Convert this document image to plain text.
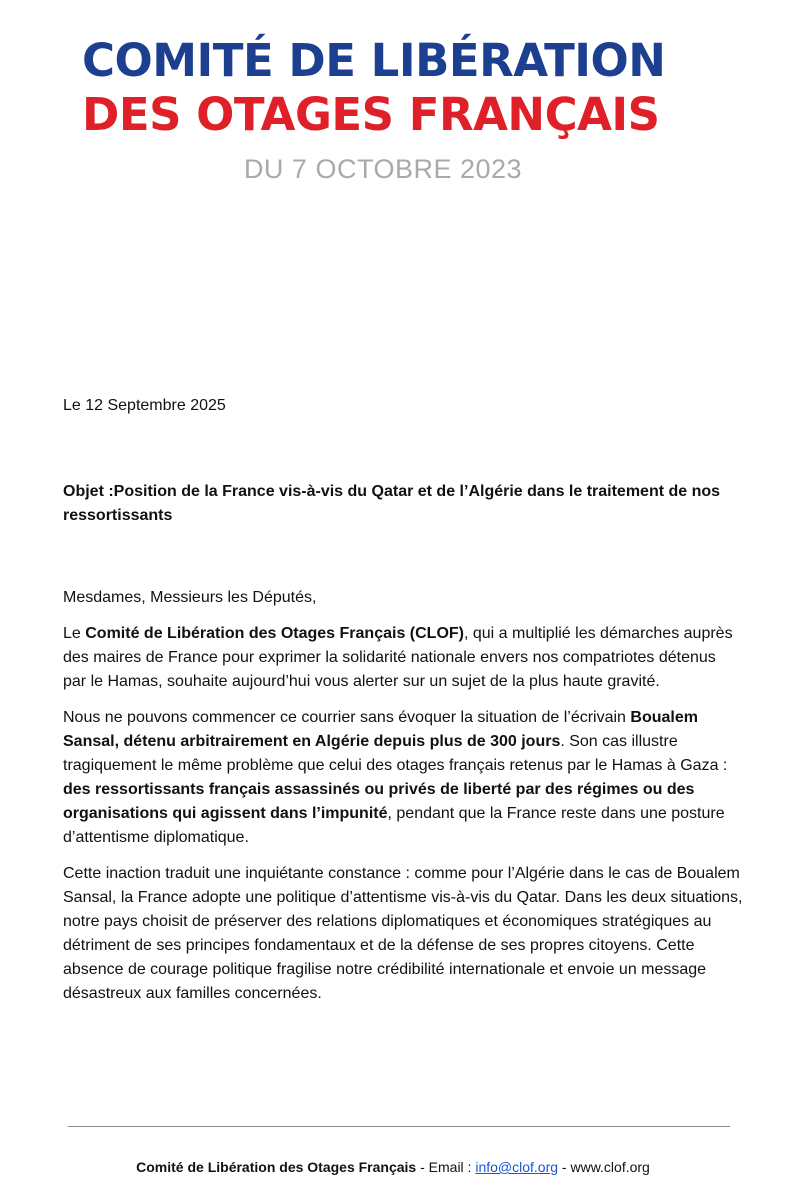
COMITÉ DE LIBÉRATION
DES OTAGES FRANÇAIS
DU 7 OCTOBRE 2023
Le 12 Septembre 2025
Objet :Position de la France vis-à-vis du Qatar et de l’Algérie dans le traitement de nos ressortissants

Mesdames, Messieurs les Députés,

Le Comité de Libération des Otages Français (CLOF), qui a multiplié les démarches auprès des maires de France pour exprimer la solidarité nationale envers nos compatriotes détenus par le Hamas, souhaite aujourd’hui vous alerter sur un sujet de la plus haute gravité.

Nous ne pouvons commencer ce courrier sans évoquer la situation de l’écrivain Boualem Sansal, détenu arbitrairement en Algérie depuis plus de 300 jours. Son cas illustre tragiquement le même problème que celui des otages français retenus par le Hamas à Gaza : des ressortissants français assassinés ou privés de liberté par des régimes ou des organisations qui agissent dans l’impunité, pendant que la France reste dans une posture d’attentisme diplomatique.

Cette inaction traduit une inquiétante constance : comme pour l’Algérie dans le cas de Boualem Sansal, la France adopte une politique d’attentisme vis-à-vis du Qatar. Dans les deux situations, notre pays choisit de préserver des relations diplomatiques et économiques stratégiques au détriment de ses principes fondamentaux et de la défense de ses propres citoyens. Cette absence de courage politique fragilise notre crédibilité internationale et envoie un message désastreux aux familles concernées.

Comité de Libération des Otages Français - Email : info@clof.org - www.clof.org
